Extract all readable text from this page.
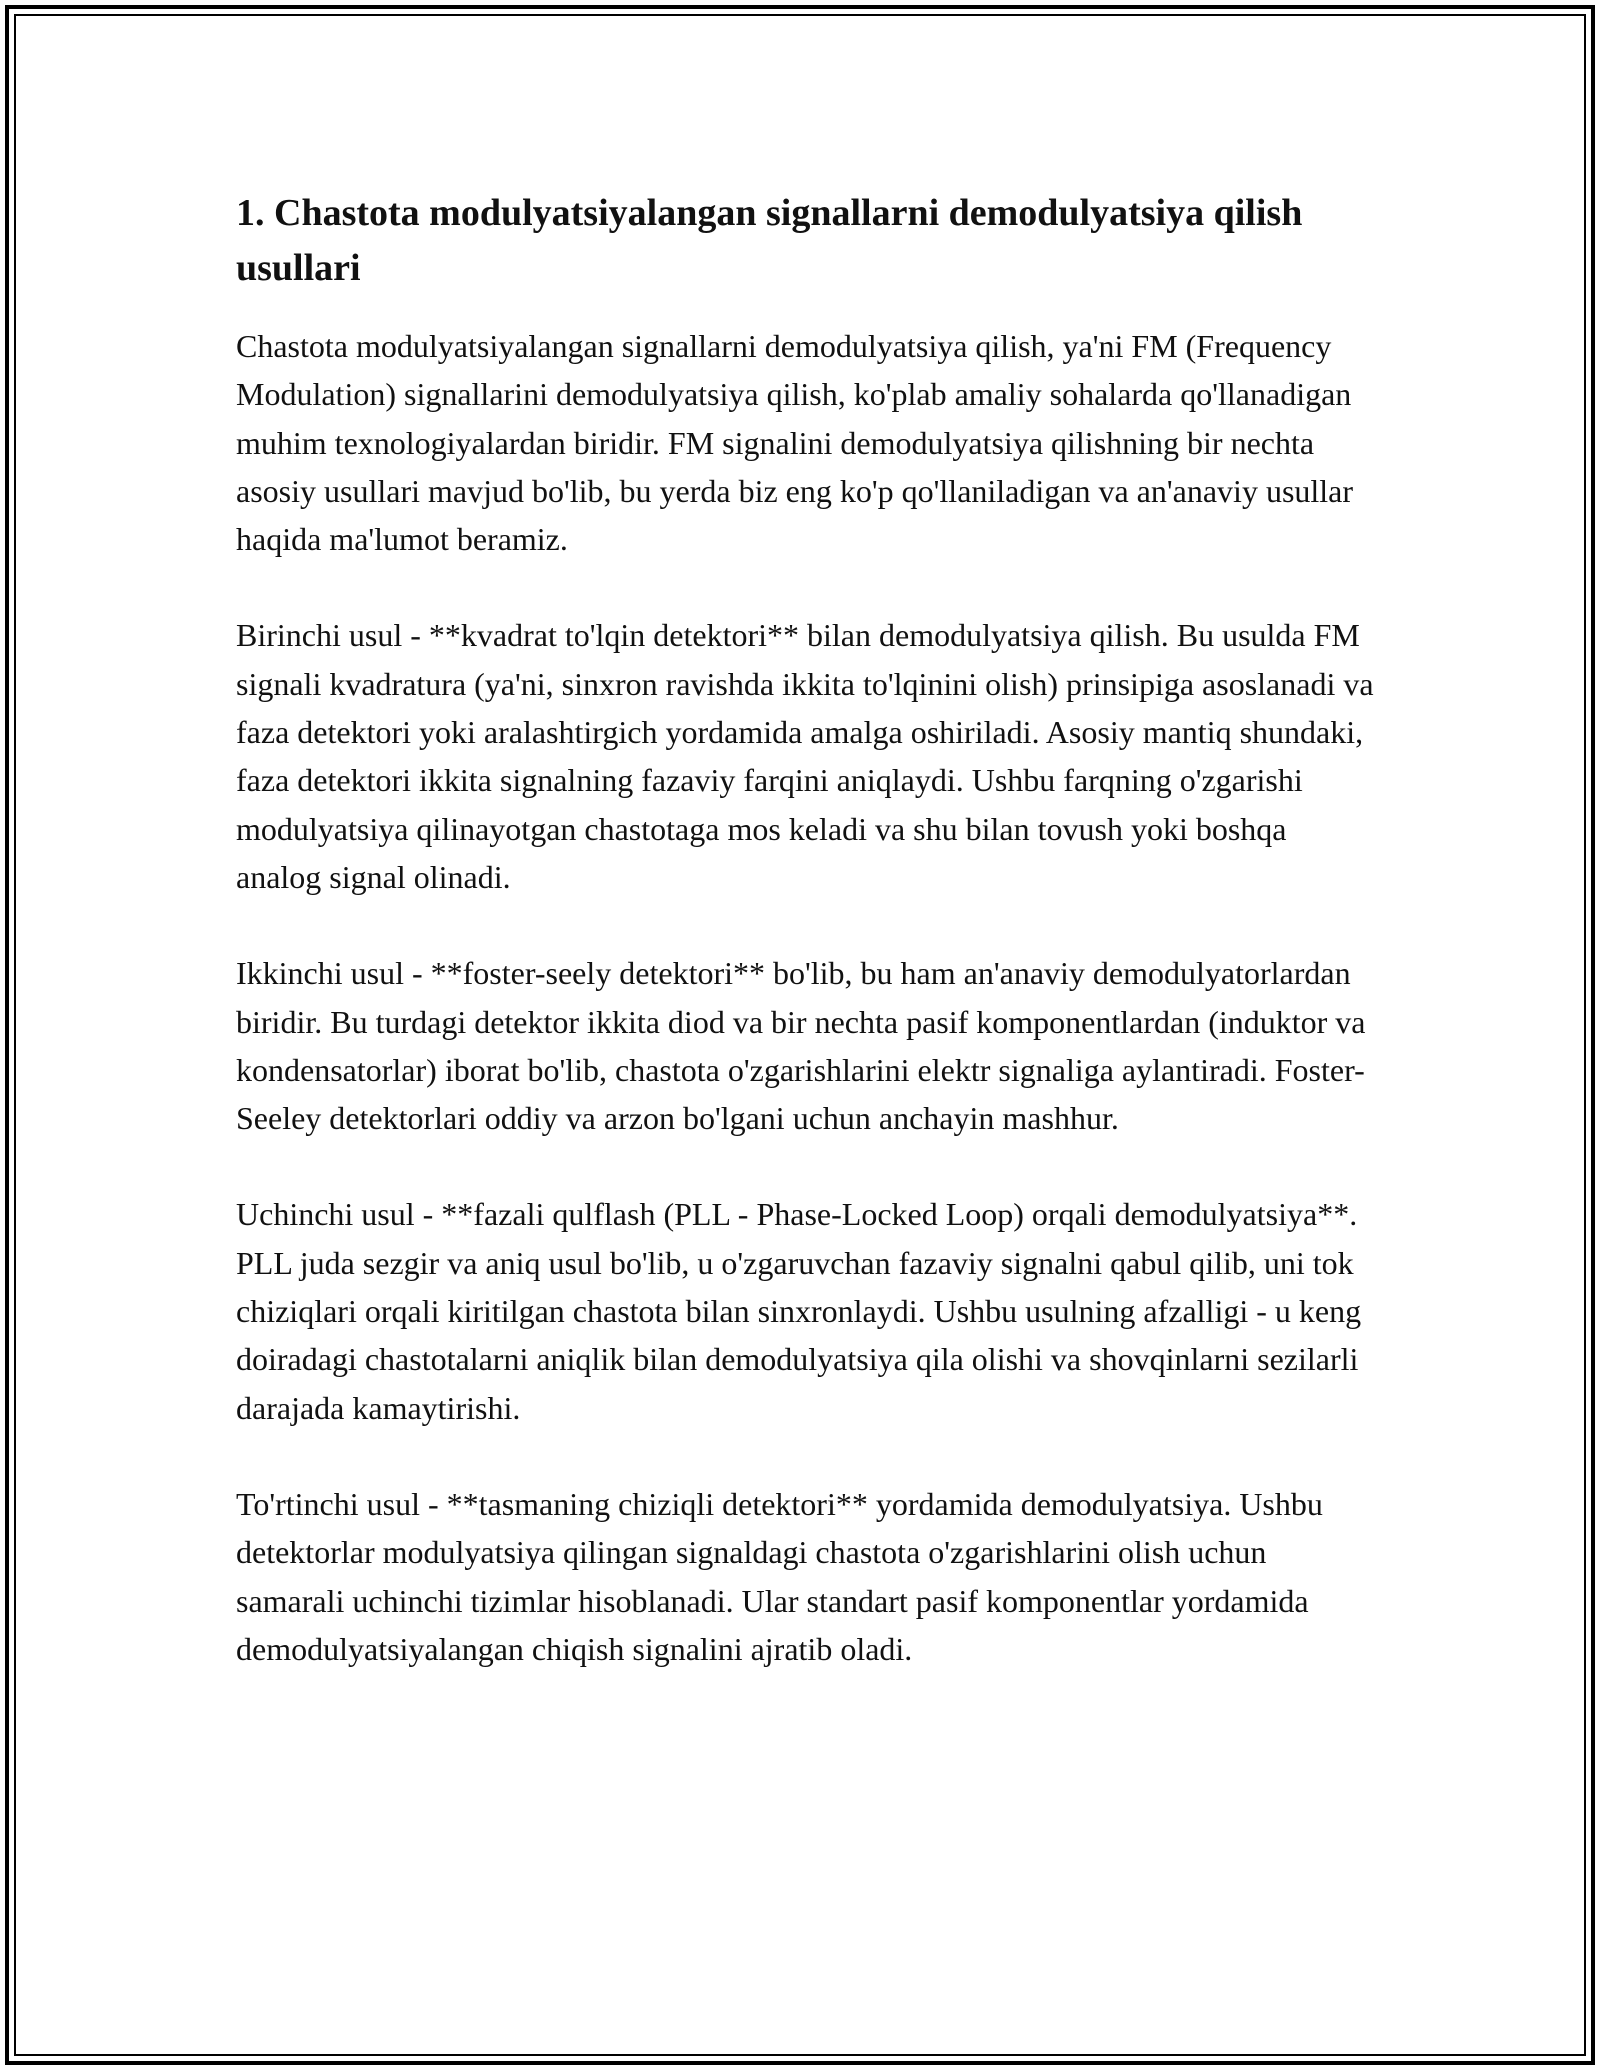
1. Chastota modulyatsiyalangan signallarni demodulyatsiya qilish usullari

Chastota modulyatsiyalangan signallarni demodulyatsiya qilish, ya'ni FM (Frequency Modulation) signallarini demodulyatsiya qilish, ko'plab amaliy sohalarda qo'llanadigan muhim texnologiyalardan biridir. FM signalini demodulyatsiya qilishning bir nechta asosiy usullari mavjud bo'lib, bu yerda biz eng ko'p qo'llaniladigan va an'anaviy usullar haqida ma'lumot beramiz.

Birinchi usul - **kvadrat to'lqin detektori** bilan demodulyatsiya qilish. Bu usulda FM signali kvadratura (ya'ni, sinxron ravishda ikkita to'lqinini olish) prinsipiga asoslanadi va faza detektori yoki aralashtirgich yordamida amalga oshiriladi. Asosiy mantiq shundaki, faza detektori ikkita signalning fazaviy farqini aniqlaydi. Ushbu farqning o'zgarishi modulyatsiya qilinayotgan chastotaga mos keladi va shu bilan tovush yoki boshqa analog signal olinadi.

Ikkinchi usul - **foster-seely detektori** bo'lib, bu ham an'anaviy demodulyatorlardan biridir. Bu turdagi detektor ikkita diod va bir nechta pasif komponentlardan (induktor va kondensatorlar) iborat bo'lib, chastota o'zgarishlarini elektr signaliga aylantiradi. Foster-Seeley detektorlari oddiy va arzon bo'lgani uchun anchayin mashhur.

Uchinchi usul - **fazali qulflash (PLL - Phase-Locked Loop) orqali demodulyatsiya**. PLL juda sezgir va aniq usul bo'lib, u o'zgaruvchan fazaviy signalni qabul qilib, uni tok chiziqlari orqali kiritilgan chastota bilan sinxronlaydi. Ushbu usulning afzalligi - u keng doiradagi chastotalarni aniqlik bilan demodulyatsiya qila olishi va shovqinlarni sezilarli darajada kamaytirishi.

To'rtinchi usul - **tasmaning chiziqli detektori** yordamida demodulyatsiya. Ushbu detektorlar modulyatsiya qilingan signaldagi chastota o'zgarishlarini olish uchun samarali uchinchi tizimlar hisoblanadi. Ular standart pasif komponentlar yordamida demodulyatsiyalangan chiqish signalini ajratib oladi.
